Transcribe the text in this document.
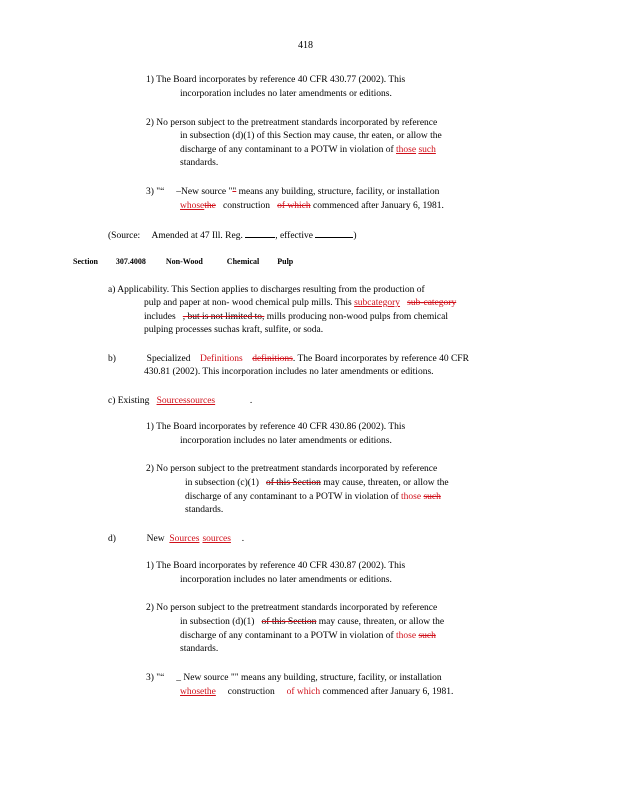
418
1) The Board incorporates by reference 40 CFR 430.77 (2002). This
incorporation includes no later amendments or editions.
2) No person subject to the pretreatment standards incorporated by reference
in subsection (d)(1) of this Section may cause, thr eaten, or allow the
discharge of any contaminant to a POTW in violation of those such
standards.
3) "“ –New source "" means any building, structure, facility, or installation
whosethe construction of which commenced after January 6, 1981.
(Source: Amended at 47 Ill. Reg.	, effective	)
Section 307.4008	Non-Wood	Chemical Pulp
a) Applicability. This Section applies to discharges resulting from the production of
pulp and paper at non- wood chemical pulp mills. This subcategory sub-category
includes , but is not limited to, mills producing non-wood pulps from chemical
pulping processes suchas kraft, sulfite, or soda.
b)	Specialized Definitions definitions. The Board incorporates by reference 40 CFR
430.81 (2002). This incorporation includes no later amendments or editions.
c) Existing Sourcessources	.
1) The Board incorporates by reference 40 CFR 430.86 (2002). This
incorporation includes no later amendments or editions.
2) No person subject to the pretreatment standards incorporated by reference
in subsection (c)(1) of this Section may cause, threaten, or allow the
discharge of any contaminant to a POTW in violation of those such
standards.
d)	New Sources sources .
1) The Board incorporates by reference 40 CFR 430.87 (2002). This
incorporation includes no later amendments or editions.
2) No person subject to the pretreatment standards incorporated by reference
in subsection (d)(1) of this Section may cause, threaten, or allow the
discharge of any contaminant to a POTW in violation of those such
standards.
3) "“ _ New source "" means any building, structure, facility, or installation
whosethe construction of which commenced after January 6, 1981.
